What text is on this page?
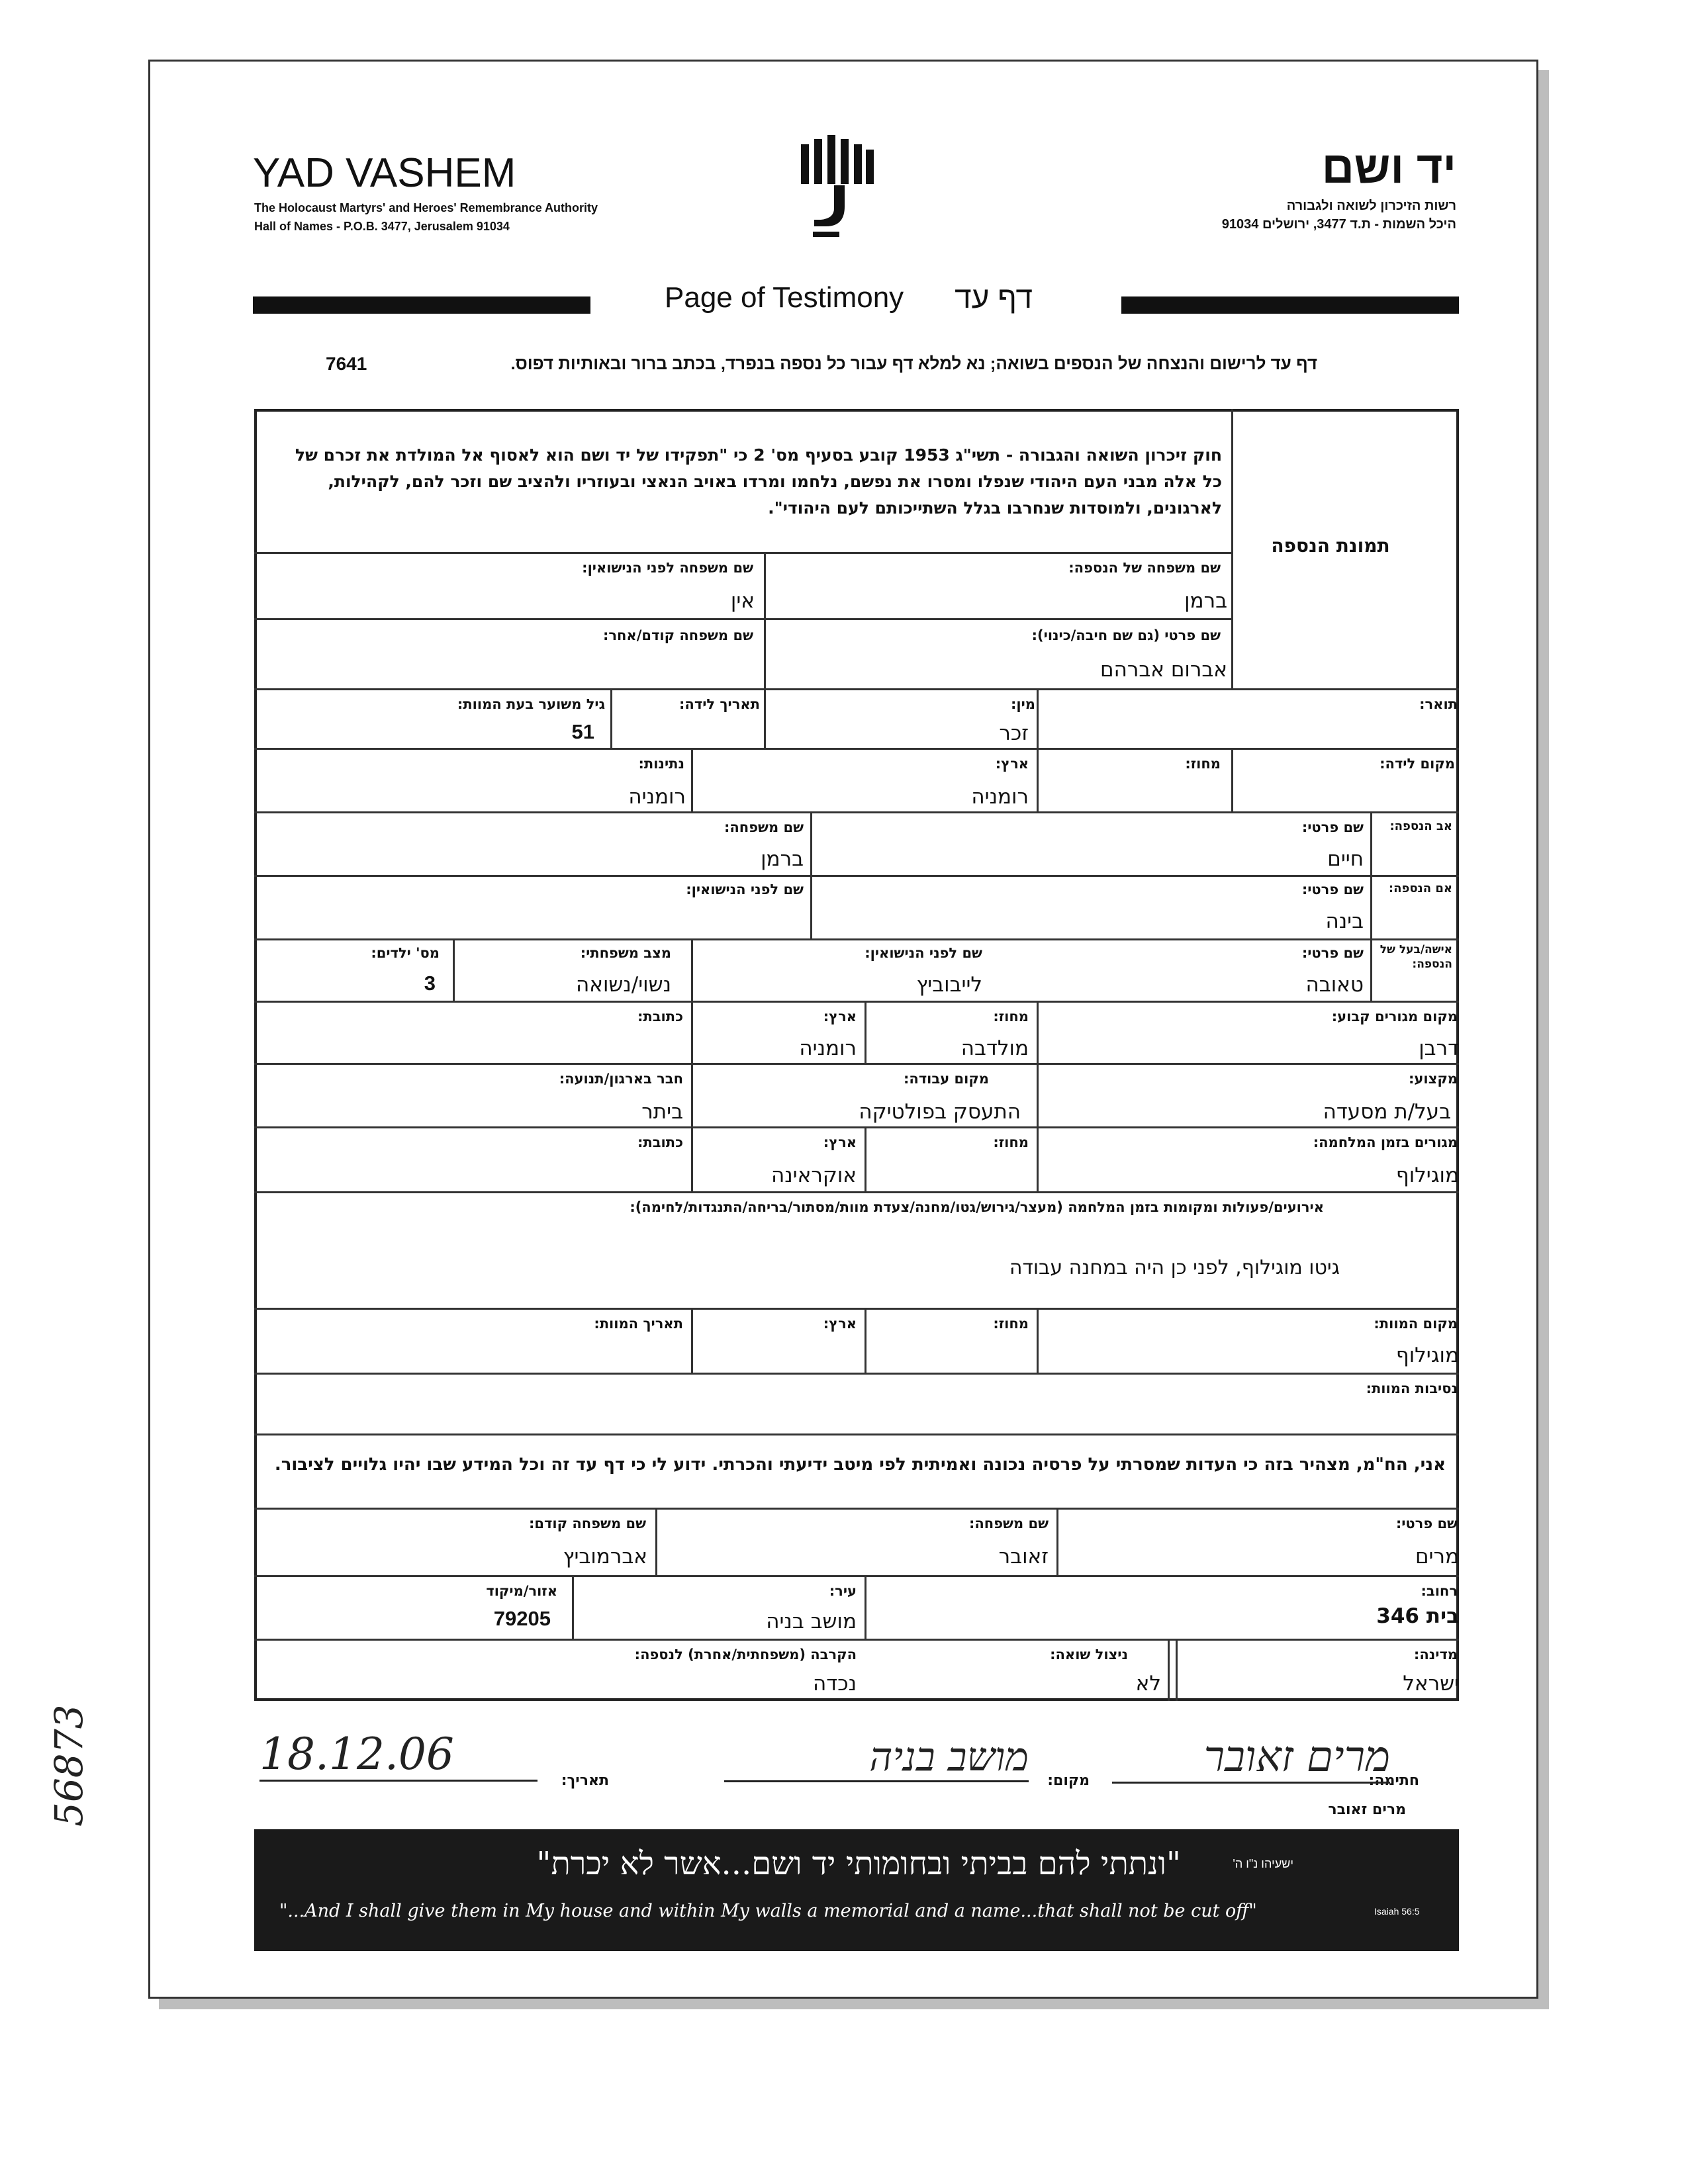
56873
YAD VASHEM
The Holocaust Martyrs' and Heroes' Remembrance Authority
Hall of Names - P.O.B. 3477, Jerusalem 91034
יד ושם
רשות הזיכרון לשואה ולגבורה
היכל השמות - ת.ד 3477, ירושלים 91034
Page of Testimony	דף עד
דף עד לרישום והנצחה של הנספים בשואה; נא למלא דף עבור כל נספה בנפרד, בכתב ברור ובאותיות דפוס.
7641
חוק זיכרון השואה והגבורה - תשי"ג 1953 קובע בסעיף מס' 2 כי "תפקידו של יד ושם הוא לאסוף אל המולדת את זכרם של כל אלה מבני העם היהודי שנפלו ומסרו את נפשם, נלחמו ומרדו באויב הנאצי ובעוזריו ולהציב שם וזכר להם, לקהילות, לארגונים, ולמוסדות שנחרבו בגלל השתייכותם לעם היהודי".
תמונת הנספה
שם משפחה של הנספה:
ברמן
שם משפחה לפני הנישואין:
אין
שם פרטי (גם שם חיבה/כינוי):
אברום אברהם
שם משפחה קודם/אחר:
תואר:
מין:
זכר
תאריך לידה:
גיל משוער בעת המוות:
51
מקום לידה:
מחוז:
ארץ:
רומניה
נתינות:
רומניה
אב הנספה:
שם פרטי:
חיים
שם משפחה:
ברמן
אם הנספה:
שם פרטי:
בינה
שם לפני הנישואין:
אישה/בעל של הנספה:
שם פרטי:
טאובה
שם לפני הנישואין:
לייבוביץ
מצב משפחתי:
נשוי/נשואה
מס' ילדים:
3
מקום מגורים קבוע:
דרבן
מחוז:
מולדבה
ארץ:
רומניה
כתובת:
מקצוע:
בעל/ת מסעדה
מקום עבודה:
התעסק בפולטיקה
חבר בארגון/תנועה:
ביתר
מגורים בזמן המלחמה:
מוגילוף
מחוז:
ארץ:
אוקראינה
כתובת:
אירועים/פעולות ומקומות בזמן המלחמה (מעצר/גירוש/גטו/מחנה/צעדת מוות/מסתור/בריחה/התנגדות/לחימה):
גיטו מוגילוף, לפני כן היה במחנה עבודה
מקום המוות:
מוגילוף
מחוז:
ארץ:
תאריך המוות:
נסיבות המוות:
אני, הח"מ, מצהיר בזה כי העדות שמסרתי על פרסיה נכונה ואמיתית לפי מיטב ידיעתי והכרתי. ידוע לי כי דף עד זה וכל המידע שבו יהיו גלויים לציבור.
שם פרטי:
מרים
שם משפחה:
זאובר
שם משפחה קודם:
אברמוביץ
רחוב:
בית 346
עיר:
מושב בניה
אזור/מיקוד
79205
מדינה:
ישראל
ניצול שואה:
לא
הקרבה (משפחתית/אחרת) לנספה:
נכדה
חתימה:
מרים זאובר
מרים זאובר
מקום:
מושב בניה
תאריך:
18.12.06
"ונתתי להם בביתי ובחומותי יד ושם...אשר לא יכרת"	ישעיהו נ"ו ה'
"...And I shall give them in My house and within My walls a memorial and a name...that shall not be cut off"	Isaiah 56:5
